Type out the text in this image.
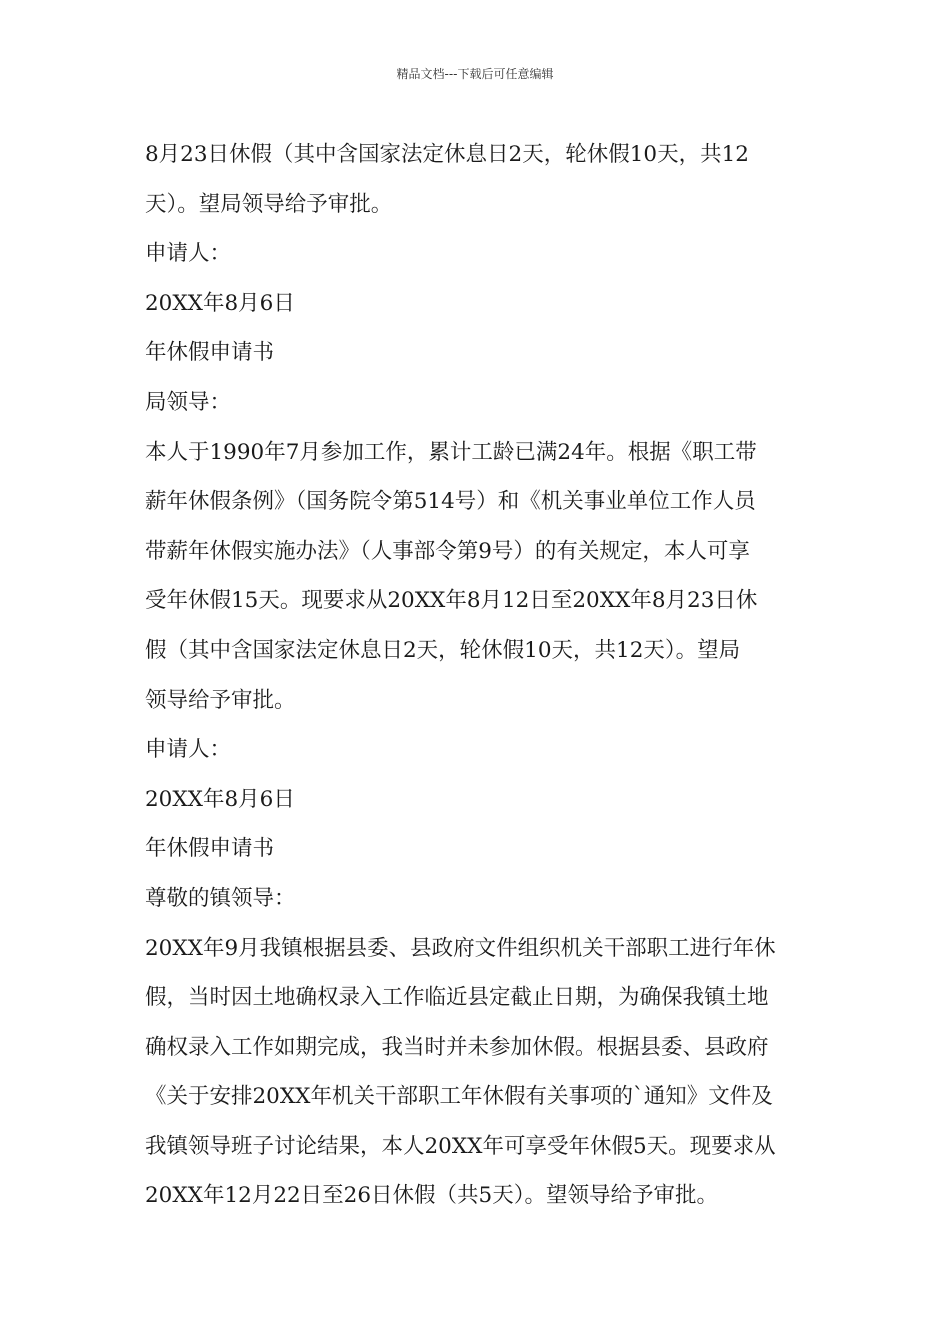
精品文档---下载后可任意编辑
8月23日休假（其中含国家法定休息日2天，轮休假10天，共12
天）。望局领导给予审批。
申请人：
20XX年8月6日
年休假申请书
局领导：
本人于1990年7月参加工作，累计工龄已满24年。根据《职工带
薪年休假条例》（国务院令第514号）和《机关事业单位工作人员
带薪年休假实施办法》（人事部令第9号）的有关规定，本人可享
受年休假15天。现要求从20XX年8月12日至20XX年8月23日休
假（其中含国家法定休息日2天，轮休假10天，共12天）。望局
领导给予审批。
申请人：
20XX年8月6日
年休假申请书
尊敬的镇领导：
20XX年9月我镇根据县委、县政府文件组织机关干部职工进行年休
假，当时因土地确权录入工作临近县定截止日期，为确保我镇土地
确权录入工作如期完成，我当时并未参加休假。根据县委、县政府
《关于安排20XX年机关干部职工年休假有关事项的`通知》文件及
我镇领导班子讨论结果，本人20XX年可享受年休假5天。现要求从
20XX年12月22日至26日休假（共5天）。望领导给予审批。
